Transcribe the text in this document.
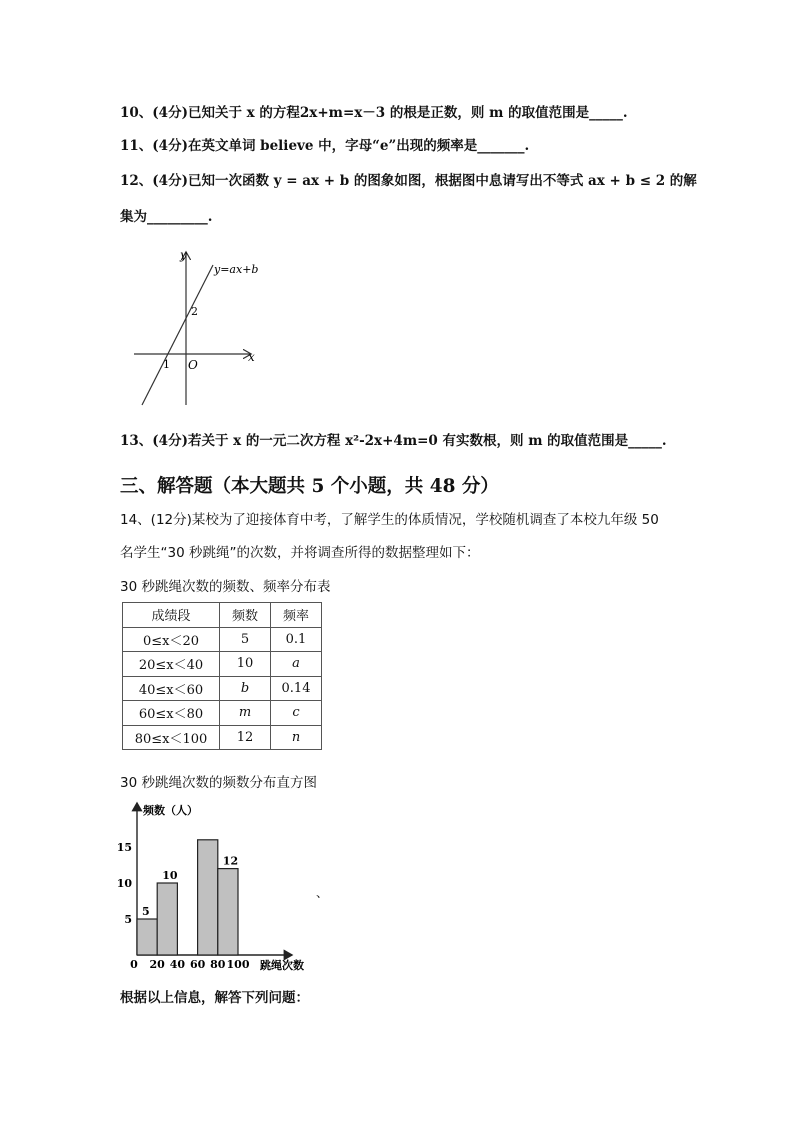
10、(4分)已知关于 x 的方程2x+m=x－3 的根是正数，则 m 的取值范围是_____.
11、(4分)在英文单词 believe 中，字母“e”出现的频率是_______.
12、(4分)已知一次函数 y = ax + b 的图象如图，根据图中息请写出不等式 ax + b ≤ 2 的解
集为_________.
y
x
O
y=ax+b
2
1
13、(4分)若关于 x 的一元二次方程 x²-2x+4m=0 有实数根，则 m 的取值范围是_____.
三、解答题（本大题共 5 个小题，共 48 分）
14、(12分)某校为了迎接体育中考，了解学生的体质情况，学校随机调查了本校九年级 50
名学生“30 秒跳绳”的次数，并将调查所得的数据整理如下：
30 秒跳绳次数的频数、频率分布表
成绩段	频数	频率
0≤x＜20	5	0.1
20≤x＜40	10	a
40≤x＜60	b	0.14
60≤x＜80	m	c
80≤x＜100	12	n
30 秒跳绳次数的频数分布直方图
频数（人）
跳绳次数
5
10
15
0 20 40 60 80 100
5
10
12
、
根据以上信息，解答下列问题：
